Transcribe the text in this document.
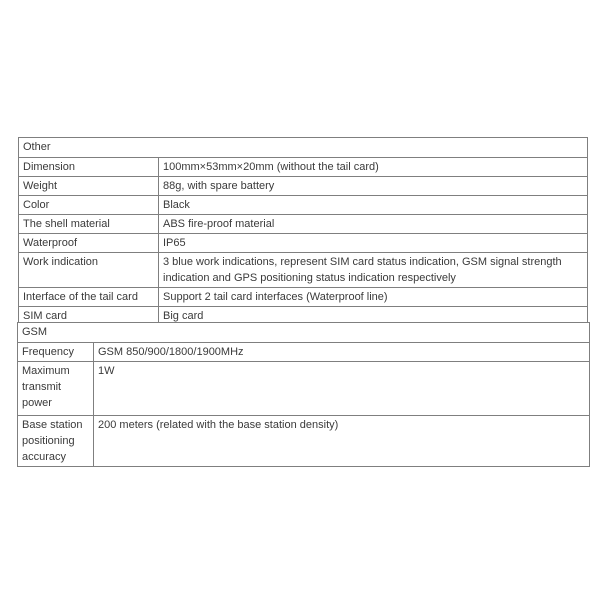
Other	
Dimension	100mm×53mm×20mm (without the tail card)
Weight	88g, with spare battery
Color	Black
The shell material	ABS fire-proof material
Waterproof	IP65
Work indication	3 blue work indications, represent SIM card status indication, GSM signal strength indication and GPS positioning status indication respectively
Interface of the tail card	Support 2 tail card interfaces (Waterproof line)
SIM card	Big card
GSM	
Frequency	GSM 850/900/1800/1900MHz
Maximum transmit power	1W
Base station positioning accuracy	200 meters (related with the base station density)
